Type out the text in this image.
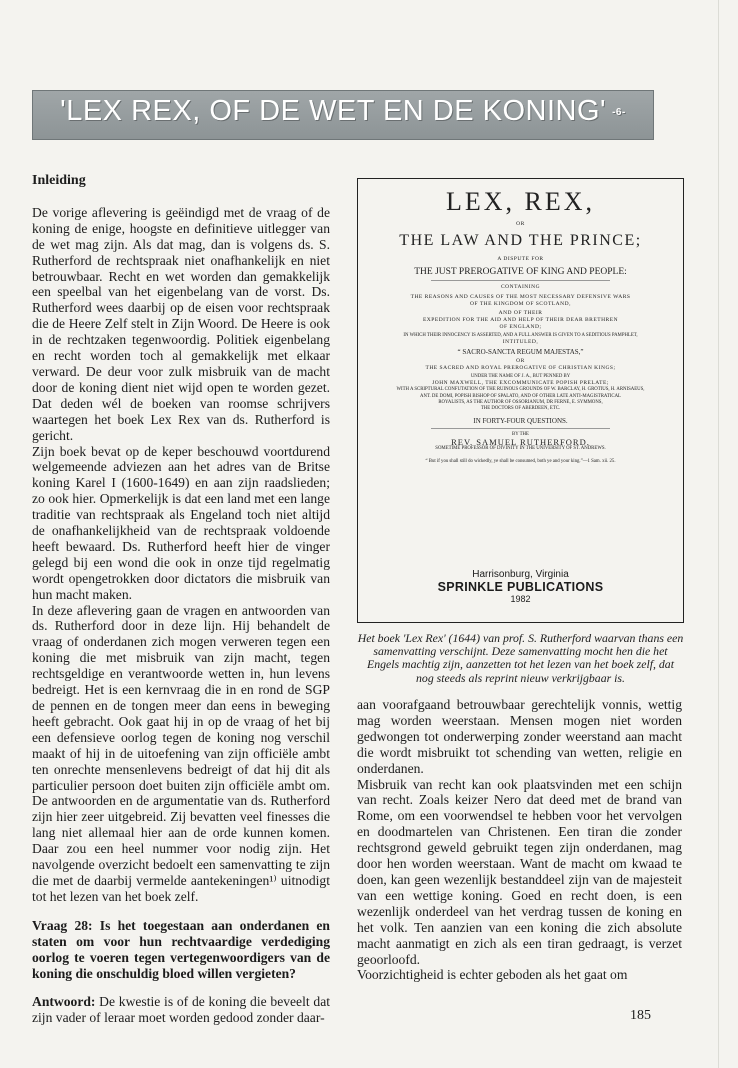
'LEX REX, OF DE WET EN DE KONING' -6-
Inleiding

De vorige aflevering is geëindigd met de vraag of de koning de enige, hoogste en definitieve uitlegger van de wet mag zijn. Als dat mag, dan is volgens ds. S. Rutherford de rechtspraak niet onafhankelijk en niet betrouwbaar. Recht en wet worden dan gemakkelijk een speelbal van het eigenbelang van de vorst. Ds. Rutherford wees daarbij op de eisen voor rechtspraak die de Heere Zelf stelt in Zijn Woord. De Heere is ook in de rechtzaken tegenwoordig. Politiek eigenbelang en recht worden toch al gemakkelijk met elkaar verward. De deur voor zulk misbruik van de macht door de koning dient niet wijd open te worden gezet. Dat deden wél de boeken van roomse schrijvers waartegen het boek Lex Rex van ds. Rutherford is gericht.

Zijn boek bevat op de keper beschouwd voortdurend welgemeende adviezen aan het adres van de Britse koning Karel I (1600-1649) en aan zijn raadslieden; zo ook hier. Opmerkelijk is dat een land met een lange traditie van rechtspraak als Engeland toch niet altijd de onafhankelijkheid van de rechtspraak voldoende heeft bewaard. Ds. Rutherford heeft hier de vinger gelegd bij een wond die ook in onze tijd regelmatig wordt opengetrokken door dictators die misbruik van hun macht maken.

In deze aflevering gaan de vragen en antwoorden van ds. Rutherford door in deze lijn. Hij behandelt de vraag of onderdanen zich mogen verweren tegen een koning die met misbruik van zijn macht, tegen rechtsgeldige en verantwoorde wetten in, hun levens bedreigt. Het is een kernvraag die in en rond de SGP de pennen en de tongen meer dan eens in beweging heeft gebracht. Ook gaat hij in op de vraag of het bij een defensieve oorlog tegen de koning nog verschil maakt of hij in de uitoefening van zijn officiële ambt ten onrechte mensenlevens bedreigt of dat hij dit als particulier persoon doet buiten zijn officiële ambt om. De antwoorden en de argumentatie van ds. Rutherford zijn hier zeer uitgebreid. Zij bevatten veel finesses die lang niet allemaal hier aan de orde kunnen komen. Daar zou een heel nummer voor nodig zijn. Het navolgende overzicht bedoelt een samenvatting te zijn die met de daarbij vermelde aantekeningen¹⁾ uitnodigt tot het lezen van het boek zelf.

Vraag 28: Is het toegestaan aan onderdanen en staten om voor hun rechtvaardige verdediging oorlog te voeren tegen vertegenwoordigers van de koning die onschuldig bloed willen vergieten?

Antwoord: De kwestie is of de koning die beveelt dat zijn vader of leraar moet worden gedood zonder daar-

LEX, REX,
OR
THE LAW AND THE PRINCE;
A DISPUTE FOR
THE JUST PREROGATIVE OF KING AND PEOPLE:
CONTAINING
THE REASONS AND CAUSES OF THE MOST NECESSARY DEFENSIVE WARS
OF THE KINGDOM OF SCOTLAND,
AND OF THEIR
EXPEDITION FOR THE AID AND HELP OF THEIR DEAR BRETHREN
OF ENGLAND;
IN WHICH THEIR INNOCENCY IS ASSERTED, AND A FULL ANSWER IS GIVEN TO A SEDITIOUS PAMPHLET,
INTITULED,
“ SACRO-SANCTA REGUM MAJESTAS,”
OR
THE SACRED AND ROYAL PREROGATIVE OF CHRISTIAN KINGS;
UNDER THE NAME OF J. A., BUT PENNED BY
JOHN MAXWELL, THE EXCOMMUNICATE POPISH PRELATE;
WITH A SCRIPTURAL CONFUTATION OF THE RUINOUS GROUNDS OF W. BARCLAY, H. GROTIUS, H. ARNISAEUS,
ANT. DE DOMI, POPISH BISHOP OF SPALATO, AND OF OTHER LATE ANTI-MAGISTRATICAL
ROYALISTS, AS THE AUTHOR OF OSSORIANUM, DR FERNE, E. SYMMONS,
THE DOCTORS OF ABERDEEN, ETC.
IN FORTY-FOUR QUESTIONS.
BY THE
REV. SAMUEL RUTHERFORD.
SOMETIME PROFESSOR OF DIVINITY IN THE UNIVERSITY OF ST. ANDREWS.
“ But if you shall still do wickedly, ye shall be consumed, both ye and your king.”—1 Sam. xii. 25.
Harrisonburg, Virginia
SPRINKLE PUBLICATIONS
1982
Het boek 'Lex Rex' (1644) van prof. S. Rutherford waarvan thans een samenvatting verschijnt. Deze samenvatting mocht hen die het Engels machtig zijn, aanzetten tot het lezen van het boek zelf, dat nog steeds als reprint nieuw verkrijgbaar is.

aan voorafgaand betrouwbaar gerechtelijk vonnis, wettig mag worden weerstaan. Mensen mogen niet worden gedwongen tot onderwerping zonder weerstand aan macht die wordt misbruikt tot schending van wetten, religie en onderdanen.

Misbruik van recht kan ook plaatsvinden met een schijn van recht. Zoals keizer Nero dat deed met de brand van Rome, om een voorwendsel te hebben voor het vervolgen en doodmartelen van Christenen. Een tiran die zonder rechtsgrond geweld gebruikt tegen zijn onderdanen, mag door hen worden weerstaan. Want de macht om kwaad te doen, kan geen wezenlijk bestanddeel zijn van de majesteit van een wettige koning. Goed en recht doen, is een wezenlijk onderdeel van het verdrag tussen de koning en het volk. Ten aanzien van een koning die zich absolute macht aanmatigt en zich als een tiran gedraagt, is verzet geoorloofd.

Voorzichtigheid is echter geboden als het gaat om

185
